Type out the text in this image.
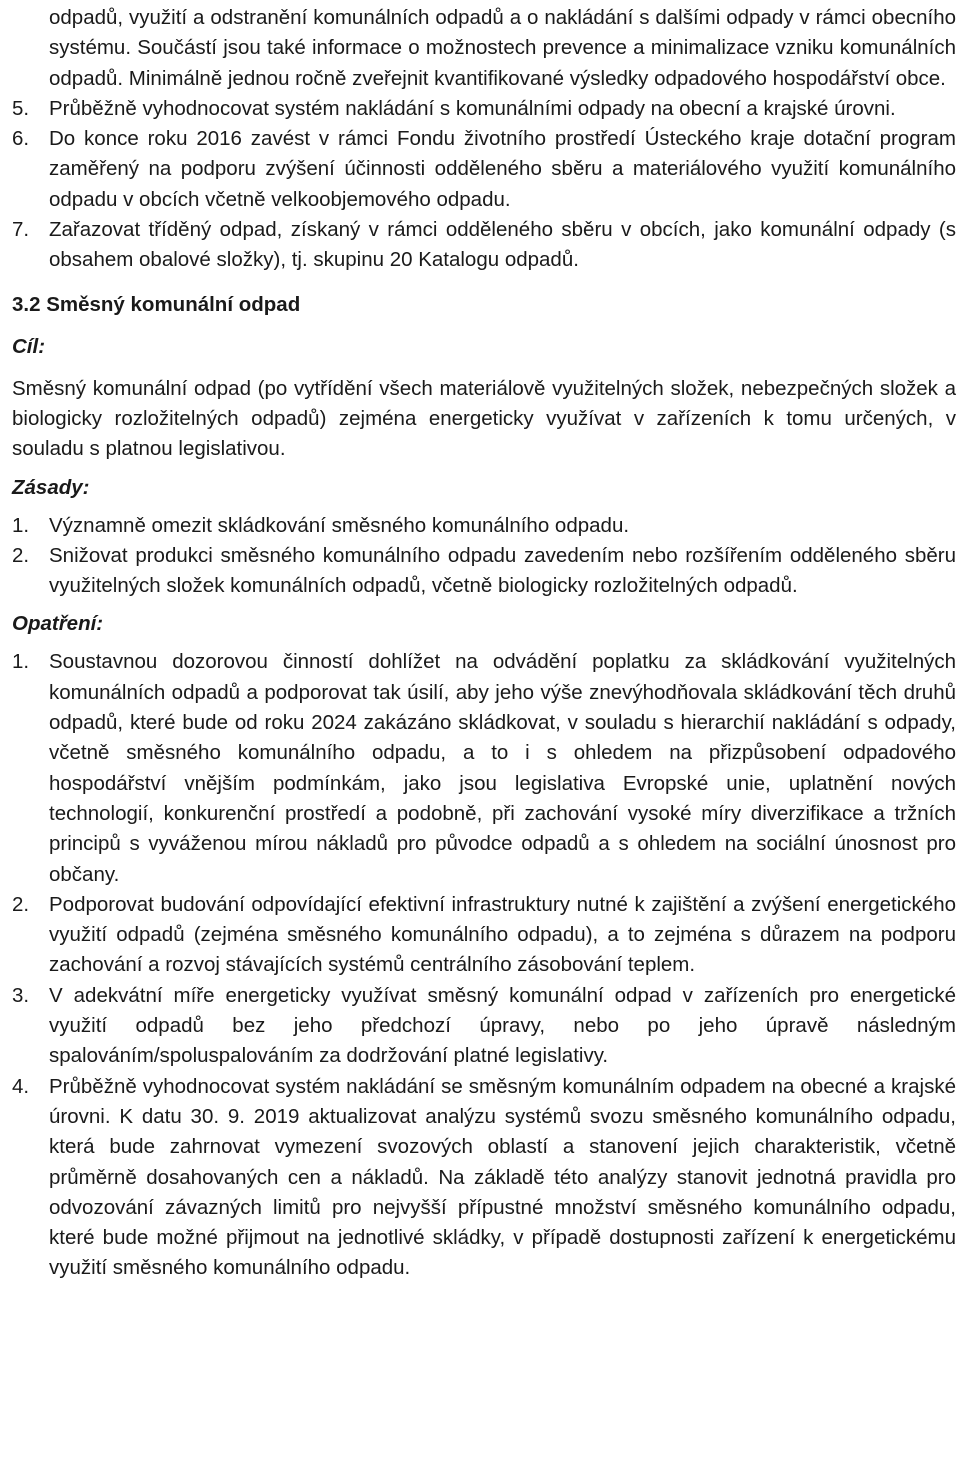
odpadů, využití a odstranění komunálních odpadů a o nakládání s dalšími odpady v rámci obecního systému. Součástí jsou také informace o možnostech prevence a minimalizace vzniku komunálních odpadů. Minimálně jednou ročně zveřejnit kvantifikované výsledky odpadového hospodářství obce.
5. Průběžně vyhodnocovat systém nakládání s komunálními odpady na obecní a krajské úrovni.
6. Do konce roku 2016 zavést v rámci Fondu životního prostředí Ústeckého kraje dotační program zaměřený na podporu zvýšení účinnosti odděleného sběru a materiálového využití komunálního odpadu v obcích včetně velkoobjemového odpadu.
7. Zařazovat tříděný odpad, získaný v rámci odděleného sběru v obcích, jako komunální odpady (s obsahem obalové složky), tj. skupinu 20 Katalogu odpadů.
3.2 Směsný komunální odpad
Cíl:
Směsný komunální odpad (po vytřídění všech materiálově využitelných složek, nebezpečných složek a biologicky rozložitelných odpadů) zejména energeticky využívat v zařízeních k tomu určených, v souladu s platnou legislativou.
Zásady:
1. Významně omezit skládkování směsného komunálního odpadu.
2. Snižovat produkci směsného komunálního odpadu zavedením nebo rozšířením odděleného sběru využitelných složek komunálních odpadů, včetně biologicky rozložitelných odpadů.
Opatření:
1. Soustavnou dozorovou činností dohlížet na odvádění poplatku za skládkování využitelných komunálních odpadů a podporovat tak úsilí, aby jeho výše znevýhodňovala skládkování těch druhů odpadů, které bude od roku 2024 zakázáno skládkovat, v souladu s hierarchií nakládání s odpady, včetně směsného komunálního odpadu, a to i s ohledem na přizpůsobení odpadového hospodářství vnějším podmínkám, jako jsou legislativa Evropské unie, uplatnění nových technologií, konkurenční prostředí a podobně, při zachování vysoké míry diverzifikace a tržních principů s vyváženou mírou nákladů pro původce odpadů a s ohledem na sociální únosnost pro občany.
2. Podporovat budování odpovídající efektivní infrastruktury nutné k zajištění a zvýšení energetického využití odpadů (zejména směsného komunálního odpadu), a to zejména s důrazem na podporu zachování a rozvoj stávajících systémů centrálního zásobování teplem.
3. V adekvátní míře energeticky využívat směsný komunální odpad v zařízeních pro energetické využití odpadů bez jeho předchozí úpravy, nebo po jeho úpravě následným spalováním/spoluspalováním za dodržování platné legislativy.
4. Průběžně vyhodnocovat systém nakládání se směsným komunálním odpadem na obecné a krajské úrovni. K datu 30. 9. 2019 aktualizovat analýzu systémů svozu směsného komunálního odpadu, která bude zahrnovat vymezení svozových oblastí a stanovení jejich charakteristik, včetně průměrně dosahovaných cen a nákladů. Na základě této analýzy stanovit jednotná pravidla pro odvozování závazných limitů pro nejvyšší přípustné množství směsného komunálního odpadu, které bude možné přijmout na jednotlivé skládky, v případě dostupnosti zařízení k energetickému využití směsného komunálního odpadu.
